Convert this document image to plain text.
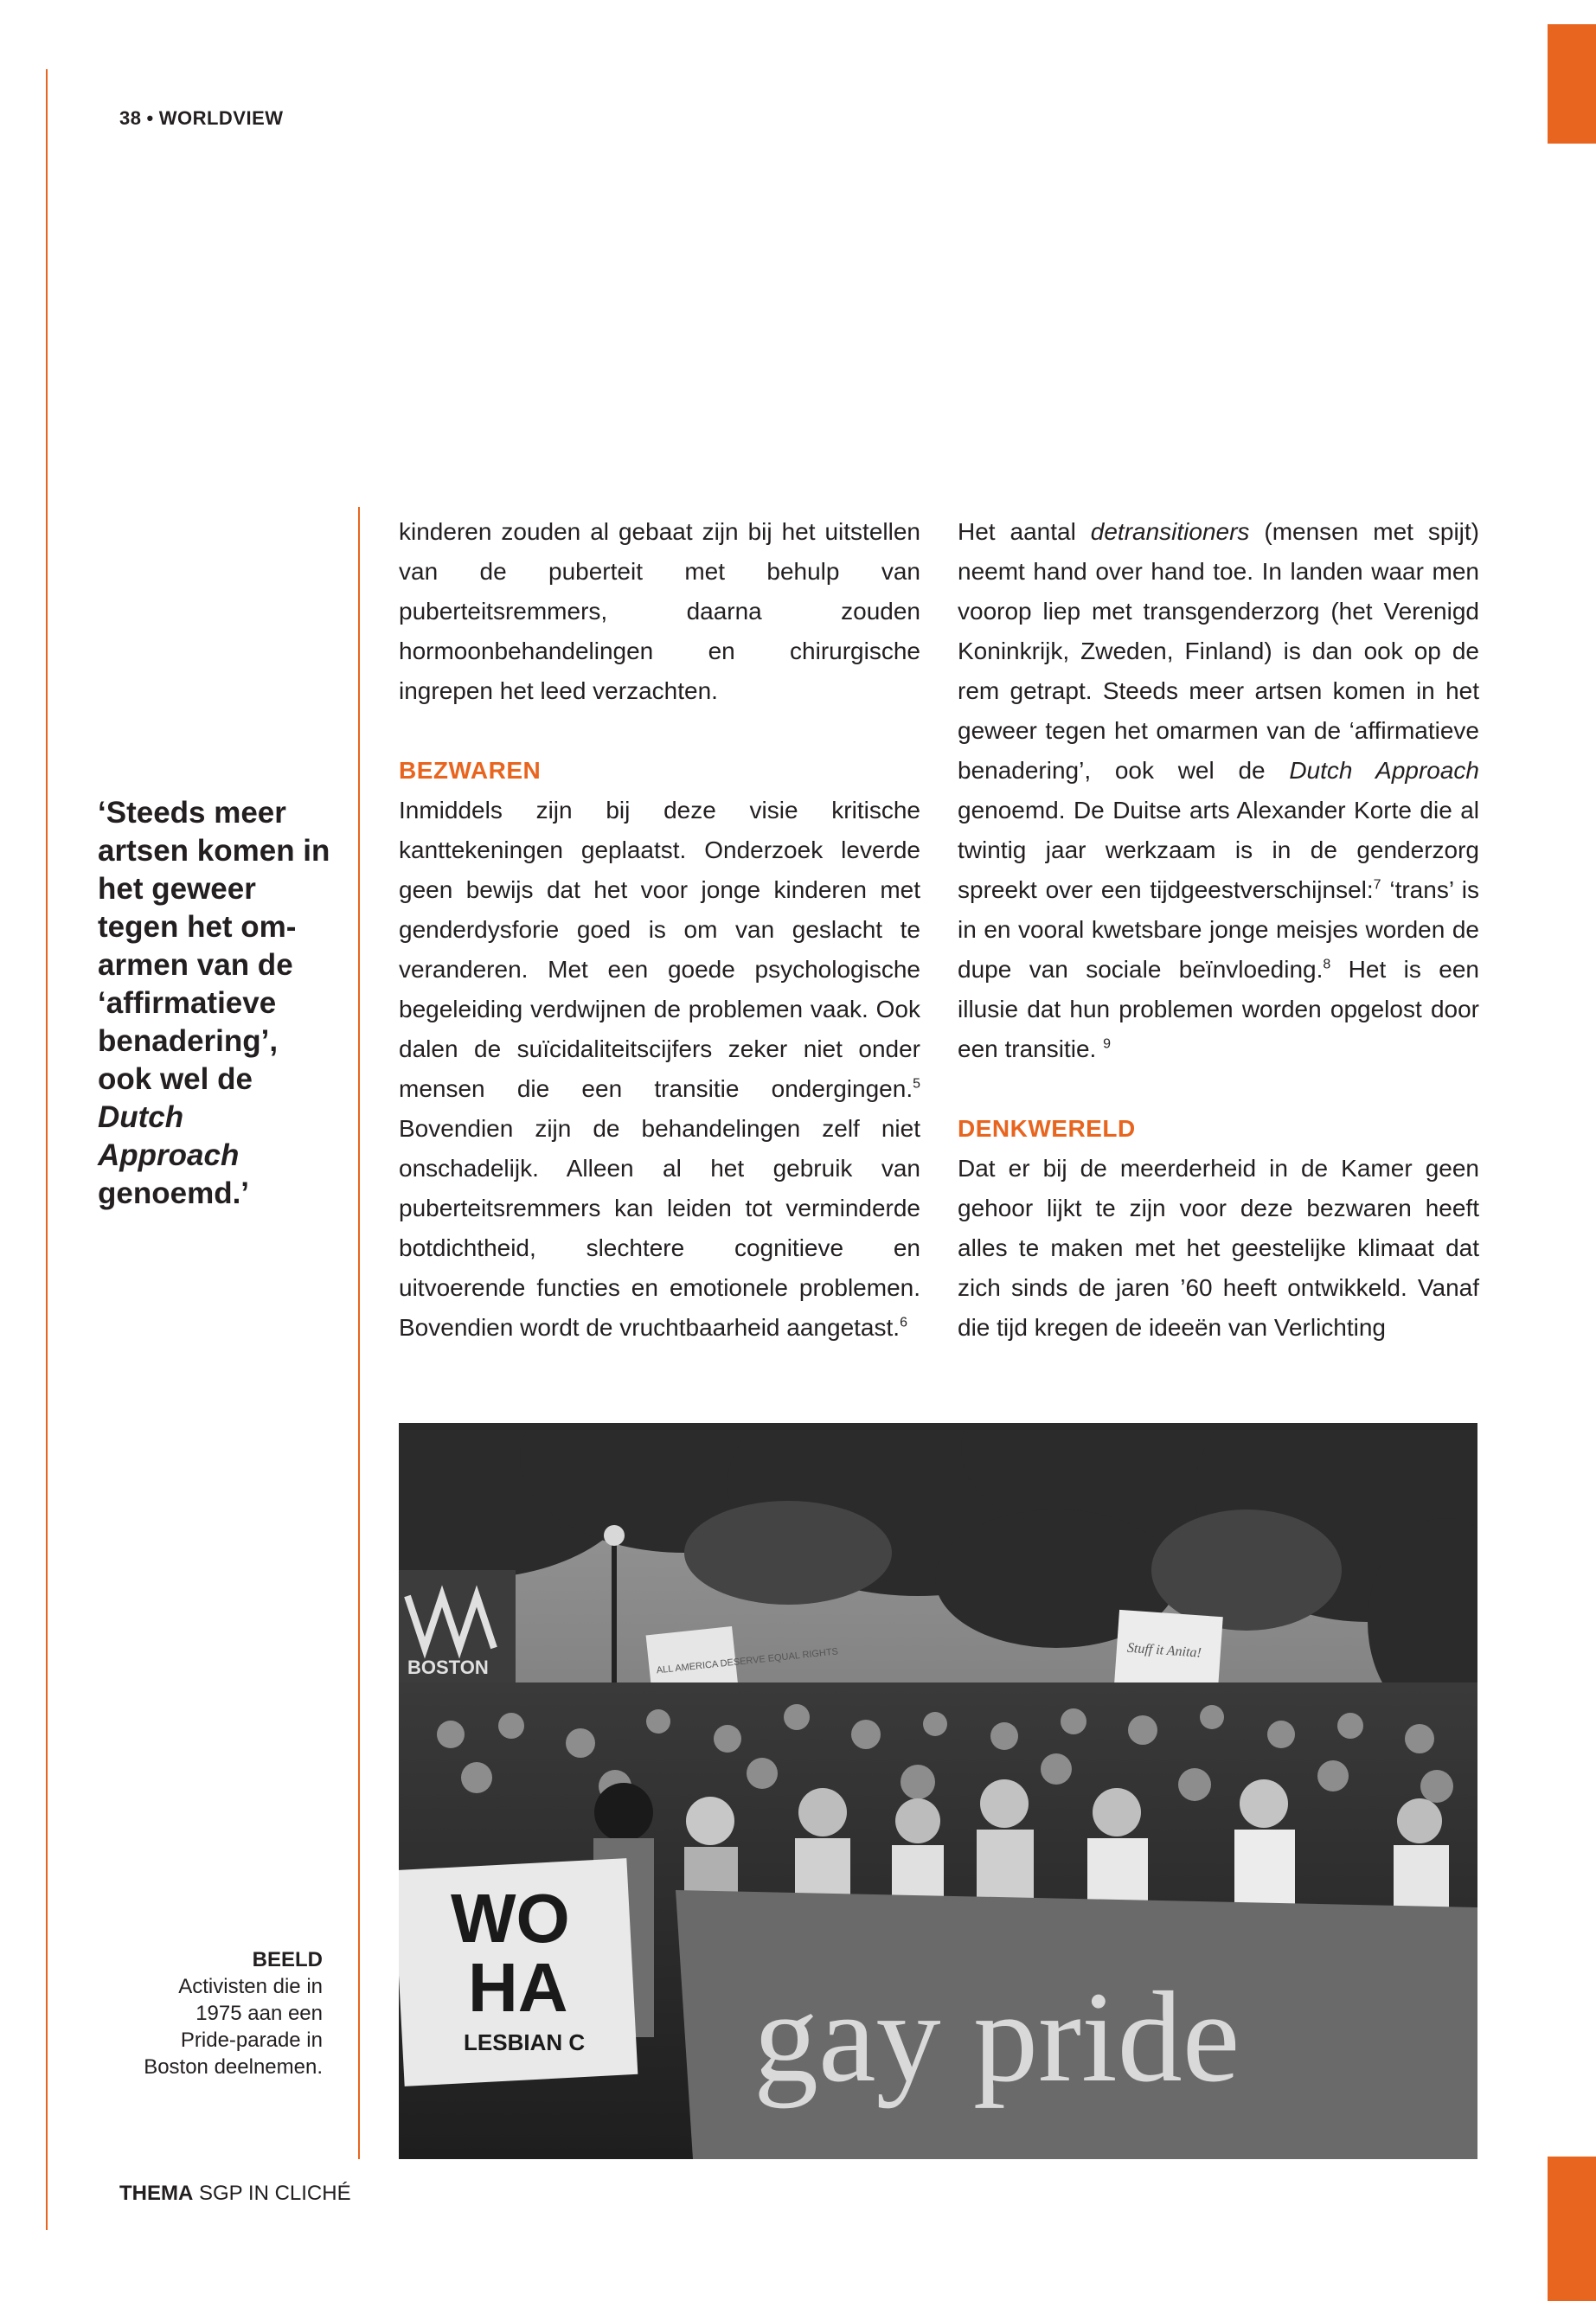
38 • WORLDVIEW
‘Steeds meer artsen komen in het geweer tegen het om-armen van de ‘affirmatieve benadering’, ook wel de Dutch Approach genoemd.’

kinderen zouden al gebaat zijn bij het uitstellen van de puberteit met behulp van puberteitsremmers, daarna zouden hormoonbehandelingen en chirurgische ingrepen het leed verzachten.

BEZWAREN

Inmiddels zijn bij deze visie kritische kanttekeningen geplaatst. Onderzoek leverde geen bewijs dat het voor jonge kinderen met genderdysforie goed is om van geslacht te veranderen. Met een goede psychologische begeleiding verdwijnen de problemen vaak. Ook dalen de suïcidaliteitscijfers zeker niet onder mensen die een transitie ondergingen.$^5$ Bovendien zijn de behandelingen zelf niet onschadelijk. Alleen al het gebruik van puberteitsremmers kan leiden tot verminderde botdichtheid, slechtere cognitieve en uitvoerende functies en emotionele problemen. Bovendien wordt de vruchtbaarheid aangetast.$^6$

Het aantal detransitioners (mensen met spijt) neemt hand over hand toe. In landen waar men voorop liep met transgenderzorg (het Verenigd Koninkrijk, Zweden, Finland) is dan ook op de rem getrapt. Steeds meer artsen komen in het geweer tegen het omarmen van de ‘affirmatieve benadering’, ook wel de Dutch Approach genoemd. De Duitse arts Alexander Korte die al twintig jaar werkzaam is in de genderzorg spreekt over een tijdgeestverschijnsel:$^7$ ‘trans’ is in en vooral kwetsbare jonge meisjes worden de dupe van sociale beïnvloeding.$^8$ Het is een illusie dat hun problemen worden opgelost door een transitie. $^9$

DENKWERELD

Dat er bij de meerderheid in de Kamer geen gehoor lijkt te zijn voor deze bezwaren heeft alles te maken met het geestelijke klimaat dat zich sinds de jaren ’60 heeft ontwikkeld. Vanaf die tijd kregen de ideeën van Verlichting

BOSTON	ALL AMERICA DESERVE EQUAL RIGHTS	Stuff it Anita!
WO
HA
LESBIAN C gay pride
BEELD
Activisten die in 1975 aan een Pride-parade in Boston deelnemen.
THEMA SGP IN CLICHÉ
